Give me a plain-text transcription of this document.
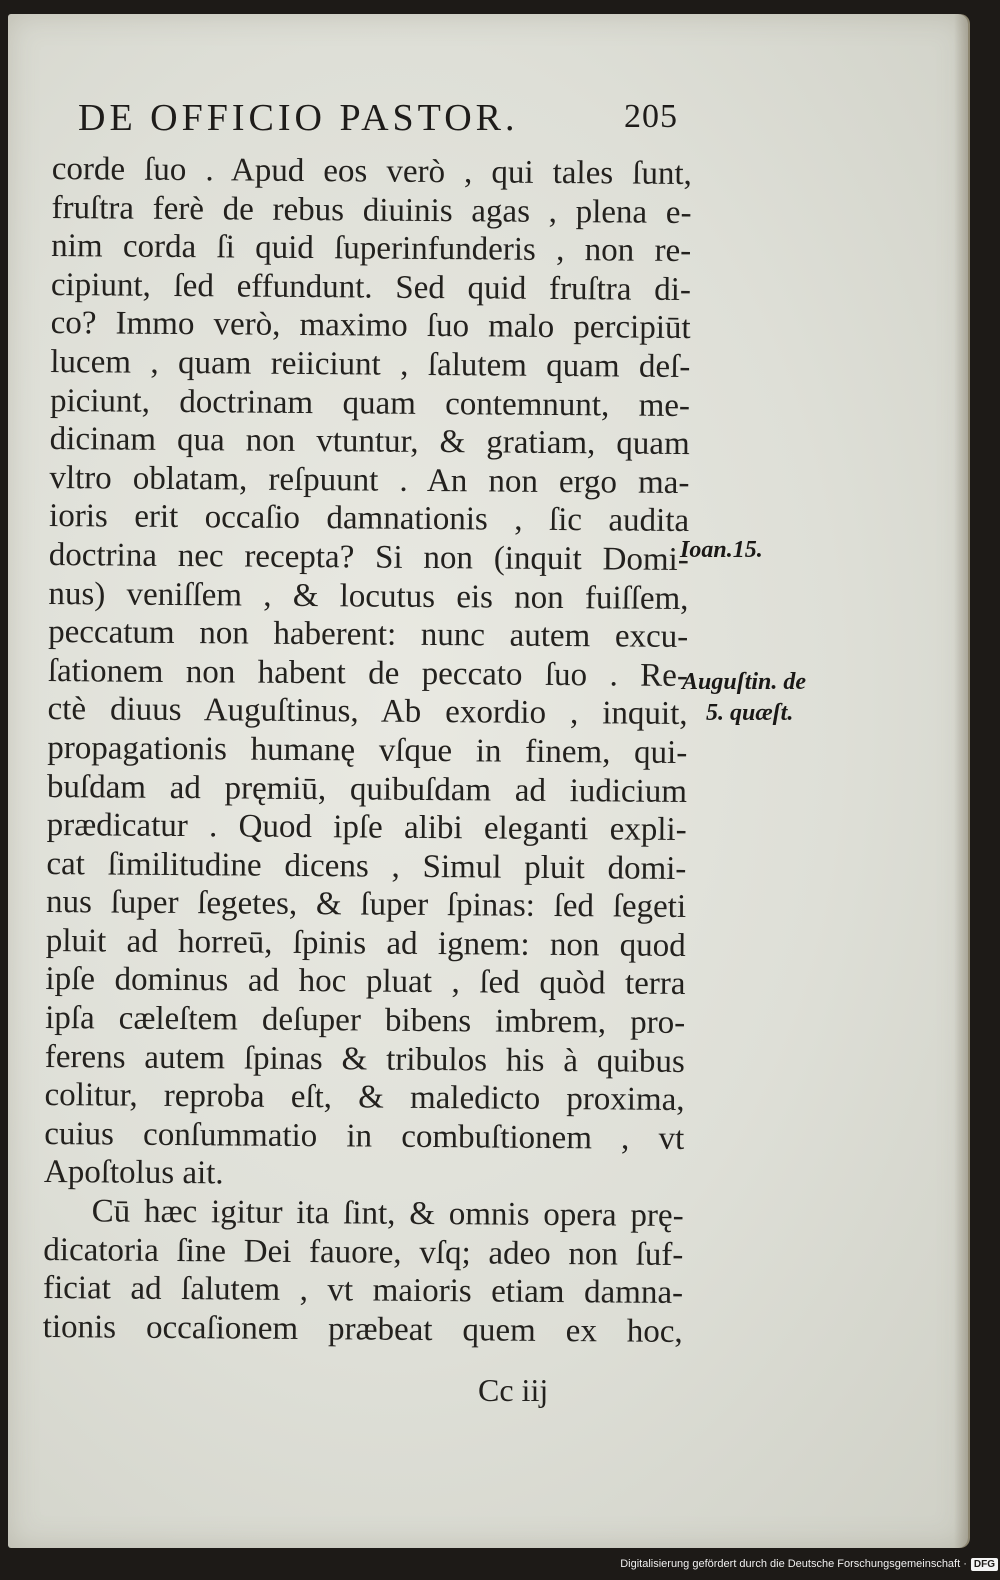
DE OFFICIO PASTOR.	205
corde ſuo . Apud eos verò , qui tales ſunt,
fruſtra ferè de rebus diuinis agas , plena e-
nim corda ſi quid ſuperinfunderis , non re-
cipiunt, ſed effundunt. Sed quid fruſtra di-
co? Immo verò, maximo ſuo malo percipiūt
lucem , quam reiiciunt , ſalutem quam deſ-
piciunt, doctrinam quam contemnunt, me-
dicinam qua non vtuntur, & gratiam, quam
vltro oblatam, reſpuunt . An non ergo ma-
ioris erit occaſio damnationis , ſic audita
doctrina nec recepta? Si non (inquit Domi-
nus) veniſſem , & locutus eis non fuiſſem,
peccatum non haberent: nunc autem excu-
ſationem non habent de peccato ſuo . Re-
ctè diuus Auguſtinus, Ab exordio , inquit,
propagationis humanę vſque in finem, qui-
buſdam ad pręmiū, quibuſdam ad iudicium
prædicatur . Quod ipſe alibi eleganti expli-
cat ſimilitudine dicens , Simul pluit domi-
nus ſuper ſegetes, & ſuper ſpinas: ſed ſegeti
pluit ad horreū, ſpinis ad ignem: non quod
ipſe dominus ad hoc pluat , ſed quòd terra
ipſa cæleſtem deſuper bibens imbrem, pro-
ferens autem ſpinas & tribulos his à quibus
colitur, reproba eſt, & maledicto proxima,
cuius conſummatio in combuſtionem , vt
Apoſtolus ait.
Cū hæc igitur ita ſint, & omnis opera prę-
dicatoria ſine Dei fauore, vſq; adeo non ſuf-
ficiat ad ſalutem , vt maioris etiam damna-
tionis occaſionem præbeat quem ex hoc,
Cc iij
Ioan.15.
Auguſtin. de
5. quæſt.
Digitalisierung gefördert durch die Deutsche Forschungsgemeinschaft · DFG
